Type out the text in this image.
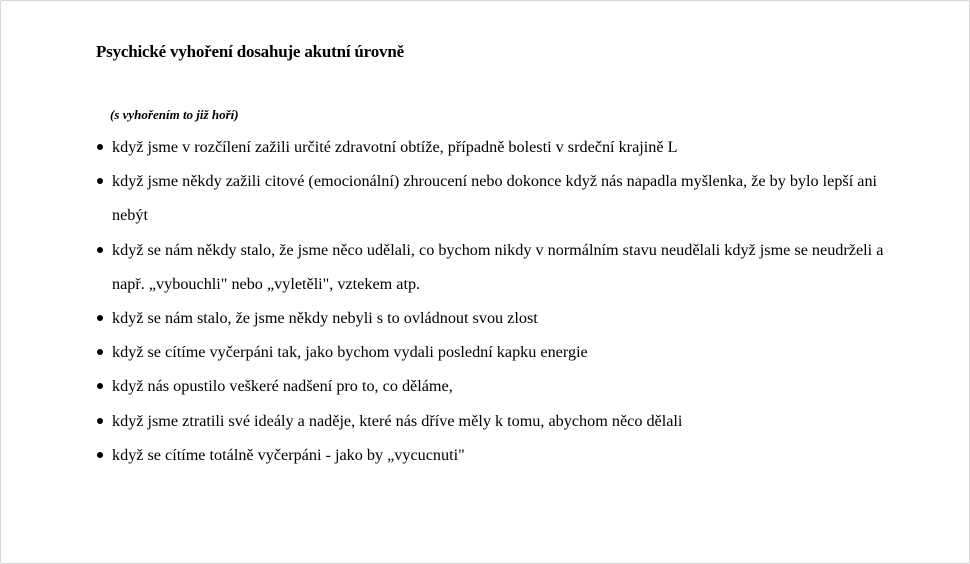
Psychické vyhoření dosahuje akutní úrovně
(s vyhořením to již hoří)
když jsme v rozčílení zažili určité zdravotní obtíže, případně bolesti v srdeční krajině L
když jsme někdy zažili citové (emocionální) zhroucení nebo dokonce když nás napadla myšlenka, že by bylo lepší ani nebýt
když se nám někdy stalo, že jsme něco udělali, co bychom nikdy v normálním stavu neudělali když jsme se neudrželi a např. „vybouchli" nebo „vyletěli", vztekem atp.
když se nám stalo, že jsme někdy nebyli s to ovládnout svou zlost
když se cítíme vyčerpáni tak, jako bychom vydali poslední kapku energie
když nás opustilo veškeré nadšení pro to, co děláme,
když jsme ztratili své ideály a naděje, které nás dříve měly k tomu, abychom něco dělali
když se cítíme totálně vyčerpáni - jako by „vycucnuti"
